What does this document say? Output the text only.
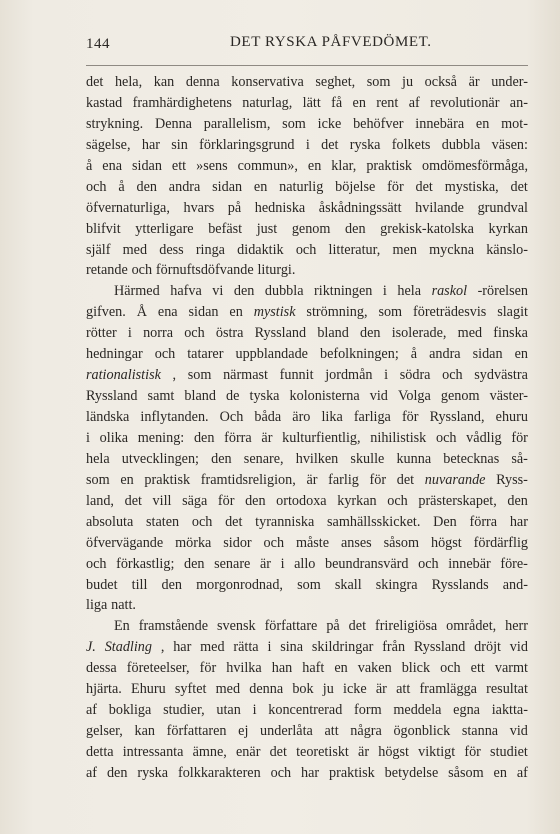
144	DET RYSKA PÅFVEDÖMET.
det hela, kan denna konservativa seghet, som ju också är under-
kastad framhärdighetens naturlag, lätt få en rent af revolutionär an-
strykning. Denna parallelism, som icke behöfver innebära en mot-
sägelse, har sin förklaringsgrund i det ryska folkets dubbla väsen:
å ena sidan ett »sens commun», en klar, praktisk omdömesförmåga,
och å den andra sidan en naturlig böjelse för det mystiska, det
öfvernaturliga, hvars på hedniska åskådningssätt hvilande grundval
blifvit ytterligare befäst just genom den grekisk-katolska kyrkan
själf med dess ringa didaktik och litteratur, men myckna känslo-
retande och förnuftsdöfvande liturgi.
Härmed hafva vi den dubbla riktningen i hela raskol -rörelsen
gifven. Å ena sidan en mystisk strömning, som företrädesvis slagit
rötter i norra och östra Ryssland bland den isolerade, med finska
hedningar och tatarer uppblandade befolkningen; å andra sidan en
rationalistisk , som närmast funnit jordmån i södra och sydvästra
Ryssland samt bland de tyska kolonisterna vid Volga genom väster-
ländska inflytanden. Och båda äro lika farliga för Ryssland, ehuru
i olika mening: den förra är kulturfientlig, nihilistisk och vådlig för
hela utvecklingen; den senare, hvilken skulle kunna betecknas så-
som en praktisk framtidsreligion, är farlig för det nuvarande Ryss-
land, det vill säga för den ortodoxa kyrkan och prästerskapet, den
absoluta staten och det tyranniska samhällsskicket. Den förra har
öfvervägande mörka sidor och måste anses såsom högst fördärflig
och förkastlig; den senare är i allo beundransvärd och innebär före-
budet till den morgonrodnad, som skall skingra Rysslands and-
liga natt.
En framstående svensk författare på det frireligiösa området, herr
J. Stadling , har med rätta i sina skildringar från Ryssland dröjt vid
dessa företeelser, för hvilka han haft en vaken blick och ett varmt
hjärta. Ehuru syftet med denna bok ju icke är att framlägga resultat
af bokliga studier, utan i koncentrerad form meddela egna iaktta-
gelser, kan författaren ej underlåta att några ögonblick stanna vid
detta intressanta ämne, enär det teoretiskt är högst viktigt för studiet
af den ryska folkkarakteren och har praktisk betydelse såsom en af
